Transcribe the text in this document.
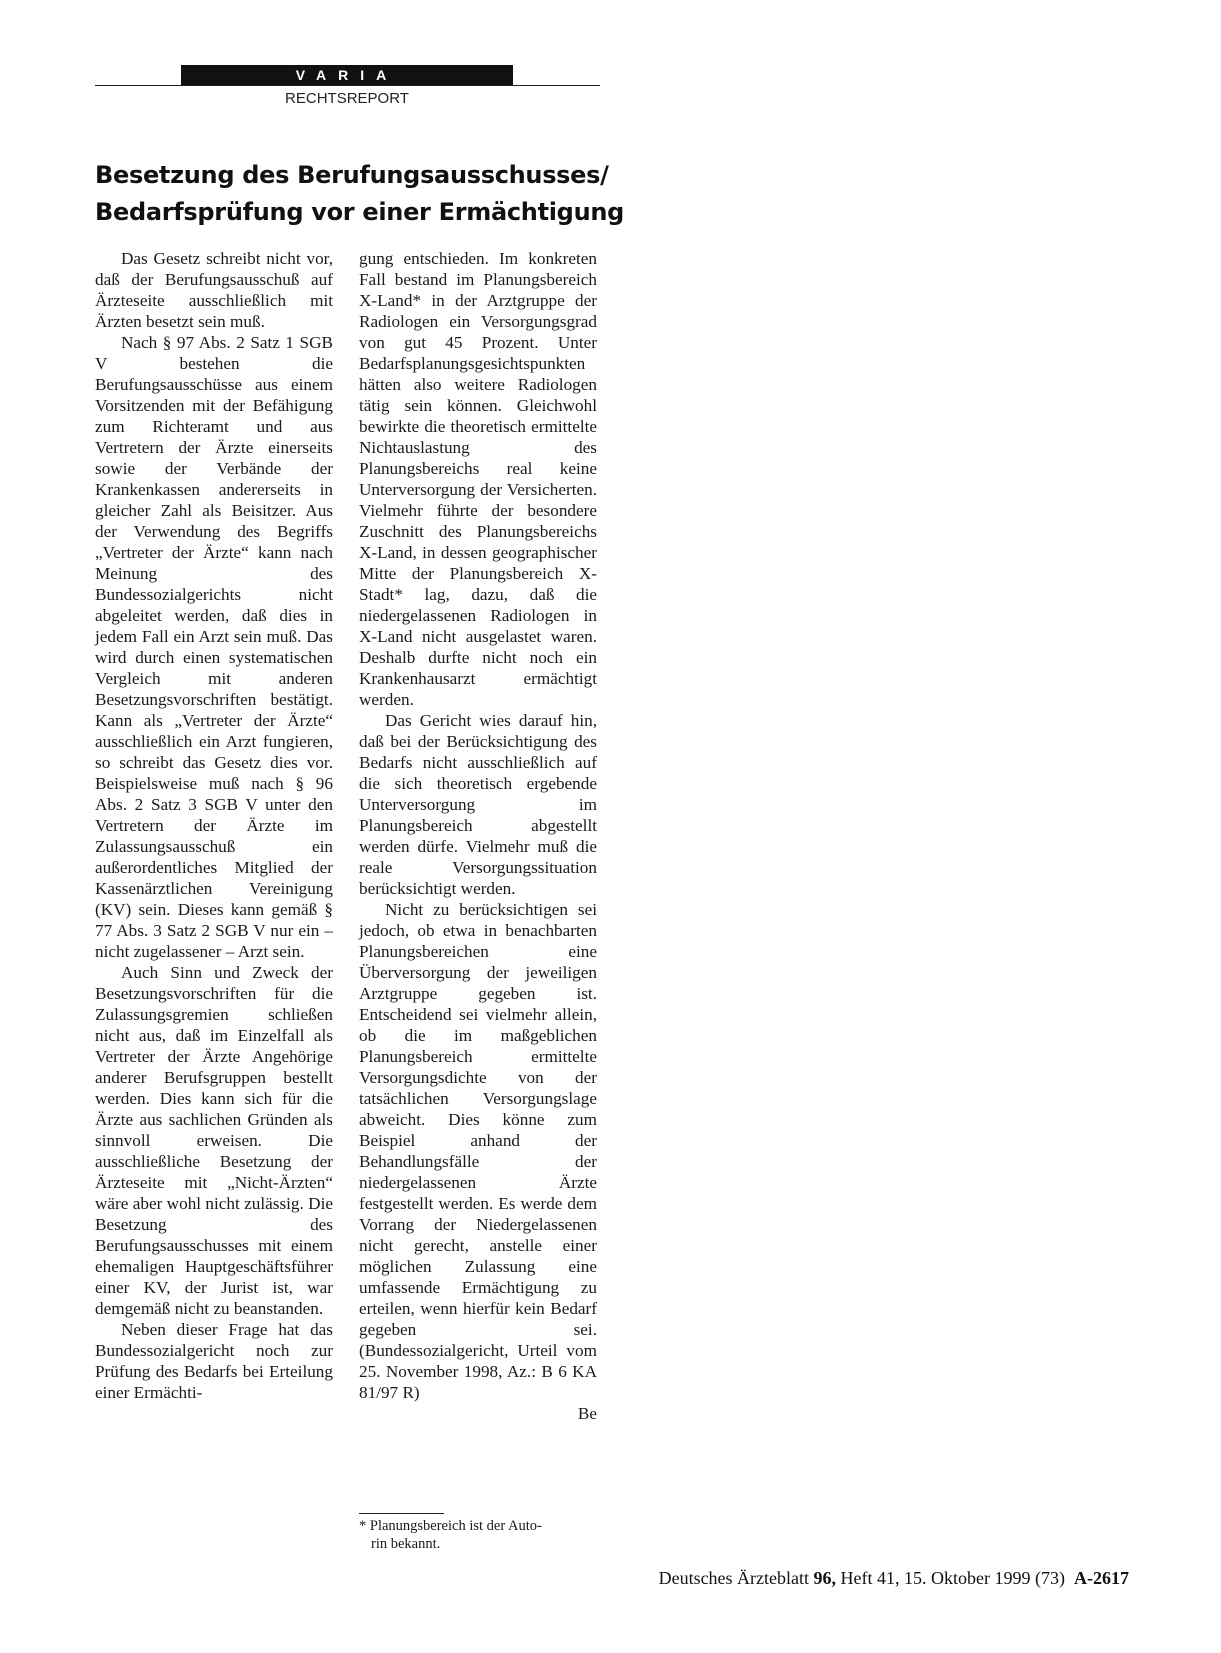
VARIA
RECHTSREPORT
Besetzung des Berufungsausschusses/
Bedarfsprüfung vor einer Ermächtigung

Das Gesetz schreibt nicht vor, daß der Berufungsausschuß auf Ärzteseite ausschließlich mit Ärzten besetzt sein muß.

Nach § 97 Abs. 2 Satz 1 SGB V bestehen die Berufungsausschüsse aus einem Vorsitzenden mit der Befähigung zum Richteramt und aus Vertretern der Ärzte einerseits sowie der Verbände der Krankenkassen andererseits in gleicher Zahl als Beisitzer. Aus der Verwendung des Begriffs „Vertreter der Ärzte“ kann nach Meinung des Bundessozialgerichts nicht abgeleitet werden, daß dies in jedem Fall ein Arzt sein muß. Das wird durch einen systematischen Vergleich mit anderen Besetzungsvorschriften bestätigt. Kann als „Vertreter der Ärzte“ ausschließlich ein Arzt fungieren, so schreibt das Gesetz dies vor. Beispielsweise muß nach § 96 Abs. 2 Satz 3 SGB V unter den Vertretern der Ärzte im Zulassungsausschuß ein außerordentliches Mitglied der Kassenärztlichen Vereinigung (KV) sein. Dieses kann gemäß § 77 Abs. 3 Satz 2 SGB V nur ein – nicht zugelassener – Arzt sein.

Auch Sinn und Zweck der Besetzungsvorschriften für die Zulassungsgremien schließen nicht aus, daß im Einzelfall als Vertreter der Ärzte Angehörige anderer Berufsgruppen bestellt werden. Dies kann sich für die Ärzte aus sachlichen Gründen als sinnvoll erweisen. Die ausschließliche Besetzung der Ärzteseite mit „Nicht-Ärzten“ wäre aber wohl nicht zulässig. Die Besetzung des Berufungsausschusses mit einem ehemaligen Hauptgeschäftsführer einer KV, der Jurist ist, war demgemäß nicht zu beanstanden.

Neben dieser Frage hat das Bundessozialgericht noch zur Prüfung des Bedarfs bei Erteilung einer Ermächti-

gung entschieden. Im konkreten Fall bestand im Planungsbereich X-Land* in der Arztgruppe der Radiologen ein Versorgungsgrad von gut 45 Prozent. Unter Bedarfsplanungsgesichtspunkten hätten also weitere Radiologen tätig sein können. Gleichwohl bewirkte die theoretisch ermittelte Nichtauslastung des Planungsbereichs real keine Unterversorgung der Versicherten. Vielmehr führte der besondere Zuschnitt des Planungsbereichs X-Land, in dessen geographischer Mitte der Planungsbereich X-Stadt* lag, dazu, daß die niedergelassenen Radiologen in X-Land nicht ausgelastet waren. Deshalb durfte nicht noch ein Krankenhausarzt ermächtigt werden.

Das Gericht wies darauf hin, daß bei der Berücksichtigung des Bedarfs nicht ausschließlich auf die sich theoretisch ergebende Unterversorgung im Planungsbereich abgestellt werden dürfe. Vielmehr muß die reale Versorgungssituation berücksichtigt werden.

Nicht zu berücksichtigen sei jedoch, ob etwa in benachbarten Planungsbereichen eine Überversorgung der jeweiligen Arztgruppe gegeben ist. Entscheidend sei vielmehr allein, ob die im maßgeblichen Planungsbereich ermittelte Versorgungsdichte von der tatsächlichen Versorgungslage abweicht. Dies könne zum Beispiel anhand der Behandlungsfälle der niedergelassenen Ärzte festgestellt werden. Es werde dem Vorrang der Niedergelassenen nicht gerecht, anstelle einer möglichen Zulassung eine umfassende Ermächtigung zu erteilen, wenn hierfür kein Bedarf gegeben sei. (Bundessozialgericht, Urteil vom 25. November 1998, Az.: B 6 KA 81/97 R)

Be

* Planungsbereich ist der Auto-
rin bekannt.
Deutsches Ärzteblatt 96, Heft 41, 15. Oktober 1999 (73) A-2617
